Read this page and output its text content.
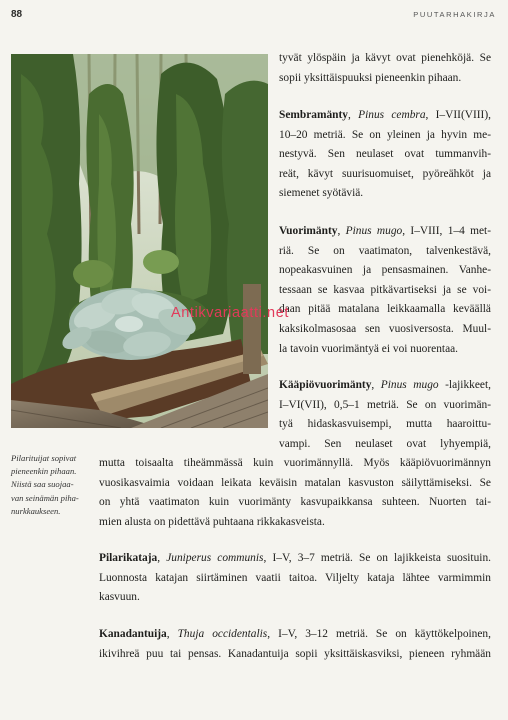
88	PUUTARHAKIRJA
Pilarituijat sopivat
pieneenkin pihaan.
Niistä saa suojaa-
van seinämän piha-
nurkkaukseen.
tyvät ylöspäin ja kävyt ovat pienehköjä. Se
sopii yksittäispuuksi pieneenkin pihaan.
Sembramänty, Pinus cembra, I–VII(VIII),
10–20 metriä. Se on yleinen ja hyvin me-
nestyvä. Sen neulaset ovat tummanvih-
reät, kävyt suurisuomuiset, pyöreähköt ja
siemenet syötäviä.
Vuorimänty, Pinus mugo, I–VIII, 1–4 met-
riä. Se on vaatimaton, talvenkestävä,
nopeakasvuinen ja pensasmainen. Vanhe-
tessaan se kasvaa pitkävartiseksi ja se voi-
daan pitää matalana leikkaamalla keväällä
kaksikolmasosaa sen vuosiversosta. Muul-
la tavoin vuorimäntyä ei voi nuorentaa.
Kääpiövuorimänty, Pinus mugo -lajikkeet,
I–VI(VII), 0,5–1 metriä. Se on vuorimän-
tyä hidaskasvuisempi, mutta haaroittu-
vampi. Sen neulaset ovat lyhyempiä,
mutta toisaalta tiheämmässä kuin vuorimännyllä. Myös kääpiövuorimännyn
vuosikasvaimia voidaan leikata keväisin matalan kasvuston säilyttämiseksi. Se
on yhtä vaatimaton kuin vuorimänty kasvupaikkansa suhteen. Nuorten tai-
mien alusta on pidettävä puhtaana rikkakasveista.
Pilarikataja, Juniperus communis, I–V, 3–7 metriä. Se on lajikkeista suosituin.
Luonnosta katajan siirtäminen vaatii taitoa. Viljelty kataja lähtee varmimmin
kasvuun.
Kanadantuija, Thuja occidentalis, I–V, 3–12 metriä. Se on käyttökelpoinen,
ikivihreä puu tai pensas. Kanadantuija sopii yksittäiskasviksi, pieneen ryhmään
Antikvariaatti.net
